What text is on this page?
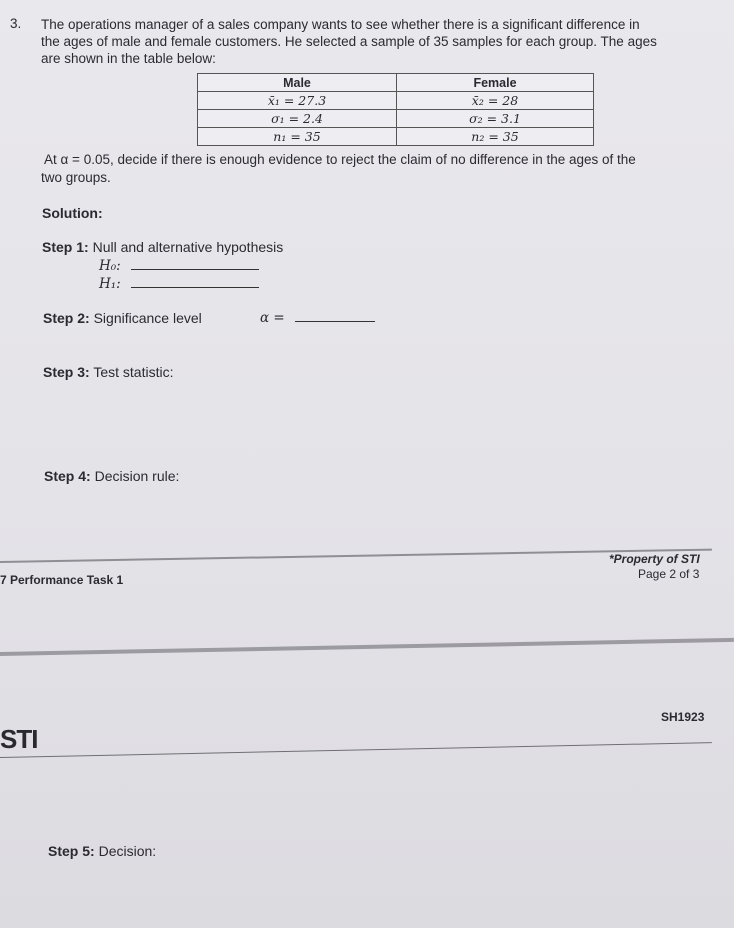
3. The operations manager of a sales company wants to see whether there is a significant difference in
the ages of male and female customers. He selected a sample of 35 samples for each group. The ages
are shown in the table below:
Male	Female
x̄₁ = 27.3	x̄₂ = 28
σ₁ = 2.4	σ₂ = 3.1
n₁ = 35	n₂ = 35
At α = 0.05, decide if there is enough evidence to reject the claim of no difference in the ages of the
two groups.
Solution:
Step 1: Null and alternative hypothesis
H₀:
H₁:
Step 2: Significance level	α =
Step 3: Test statistic:
Step 4: Decision rule:
7 Performance Task 1
*Property of STI
Page 2 of 3
SH1923
STI
Step 5: Decision:
